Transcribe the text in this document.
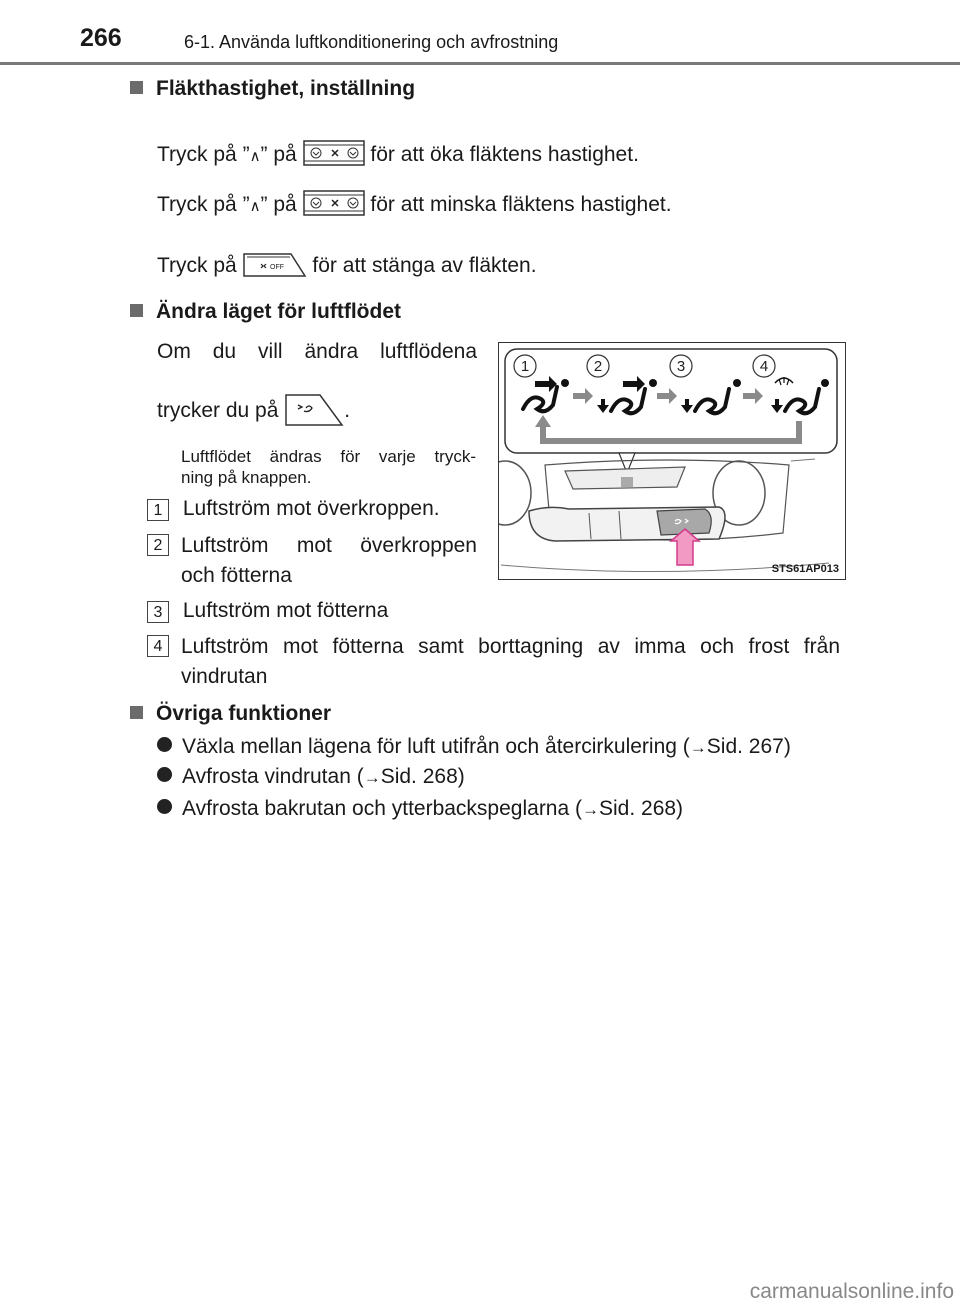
266	6-1. Använda luftkonditionering och avfrostning
Fläkthastighet, inställning
Tryck på ”∧” på	för att öka fläktens hastighet.
Tryck på ”∧” på	för att minska fläktens hastighet.
Tryck på	OFF för att stänga av fläkten.
Ändra läget för luftflödet
Om du vill ändra luftflödena
trycker du på	.
Luftflödet ändras för varje tryck-
ning på knappen.
1 Luftström mot överkroppen.
2 Luftström mot överkroppen
och fötterna
3 Luftström mot fötterna
4 Luftström mot fötterna samt borttagning av imma och frost från
vindrutan
1	2	3	4
STS61AP013
Övriga funktioner
Växla mellan lägena för luft utifrån och återcirkulering (→Sid. 267)
Avfrosta vindrutan (→Sid. 268)
Avfrosta bakrutan och ytterbackspeglarna (→Sid. 268)
carmanualsonline.info
